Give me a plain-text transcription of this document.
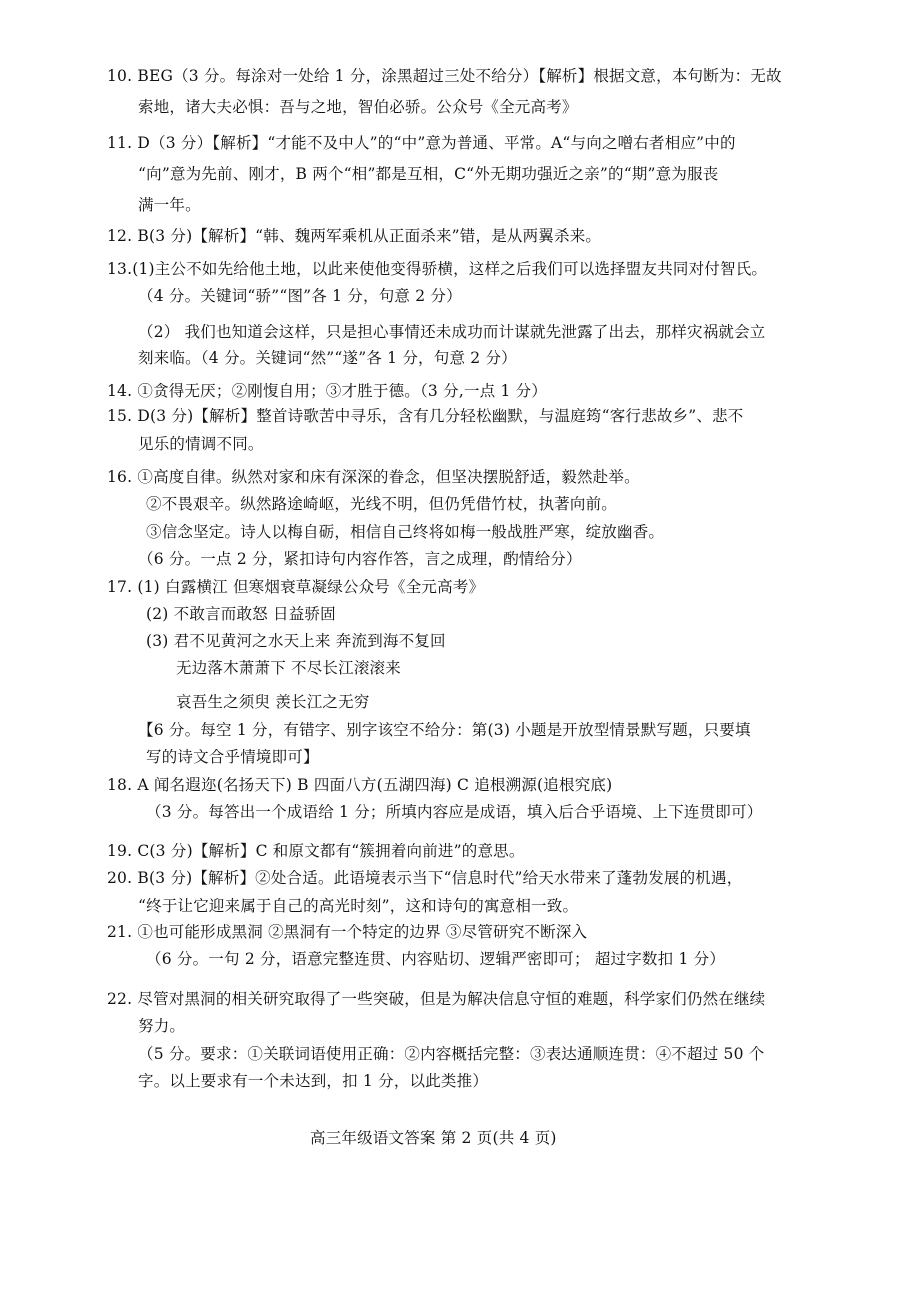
10. BEG（3 分。每涂对一处给 1 分，涂黑超过三处不给分）【解析】根据文意，本句断为：无故
索地，诸大夫必惧：吾与之地，智伯必骄。公众号《全元高考》
11. D（3 分）【解析】“才能不及中人”的“中”意为普通、平常。A“与向之噌右者相应”中的
“向”意为先前、刚才，B 两个“相”都是互相，C“外无期功强近之亲”的“期”意为服丧
满一年。
12. B(3 分)【解析】“韩、魏两军乘机从正面杀来”错，是从两翼杀来。
13.(1)主公不如先给他土地，以此来使他变得骄横，这样之后我们可以选择盟友共同对付智氏。
（4 分。关键词“骄”“图”各 1 分，句意 2 分）
（2） 我们也知道会这样，只是担心事情还未成功而计谋就先泄露了出去，那样灾祸就会立
刻来临。（4 分。关键词“然”“遂”各 1 分，句意 2 分）
14. ①贪得无厌；②刚愎自用；③才胜于德。（3 分,一点 1 分）
15. D(3 分)【解析】整首诗歌苦中寻乐，含有几分轻松幽默，与温庭筠“客行悲故乡”、悲不
见乐的情调不同。
16. ①高度自律。纵然对家和床有深深的眷念，但坚决摆脱舒适，毅然赴举。
②不畏艰辛。纵然路途崎岖，光线不明，但仍凭借竹杖，执著向前。
③信念坚定。诗人以梅自砺，相信自己终将如梅一般战胜严寒，绽放幽香。
（6 分。一点 2 分，紧扣诗句内容作答，言之成理，酌情给分）
17. (1) 白露横江 但寒烟衰草凝绿公众号《全元高考》
(2) 不敢言而敢怒 日益骄固
(3) 君不见黄河之水天上来 奔流到海不复回
无边落木萧萧下 不尽长江滚滚来
哀吾生之须臾 羡长江之无穷
【6 分。每空 1 分，有错字、别字该空不给分：第(3) 小题是开放型情景默写题，只要填
写的诗文合乎情境即可】
18. A 闻名遐迩(名扬天下) B 四面八方(五湖四海) C 追根溯源(追根究底)
（3 分。每答出一个成语给 1 分；所填内容应是成语，填入后合乎语境、上下连贯即可）
19. C(3 分)【解析】C 和原文都有“簇拥着向前进”的意思。
20. B(3 分)【解析】②处合适。此语境表示当下“信息时代”给天水带来了蓬勃发展的机遇，
“终于让它迎来属于自己的高光时刻”，这和诗句的寓意相一致。
21. ①也可能形成黑洞 ②黑洞有一个特定的边界 ③尽管研究不断深入
（6 分。一句 2 分，语意完整连贯、内容贴切、逻辑严密即可； 超过字数扣 1 分）
22. 尽管对黑洞的相关研究取得了一些突破，但是为解决信息守恒的难题，科学家们仍然在继续
努力。
（5 分。要求：①关联词语使用正确：②内容概括完整：③表达通顺连贯：④不超过 50 个
字。以上要求有一个未达到，扣 1 分，以此类推）
高三年级语文答案 第 2 页(共 4 页)
